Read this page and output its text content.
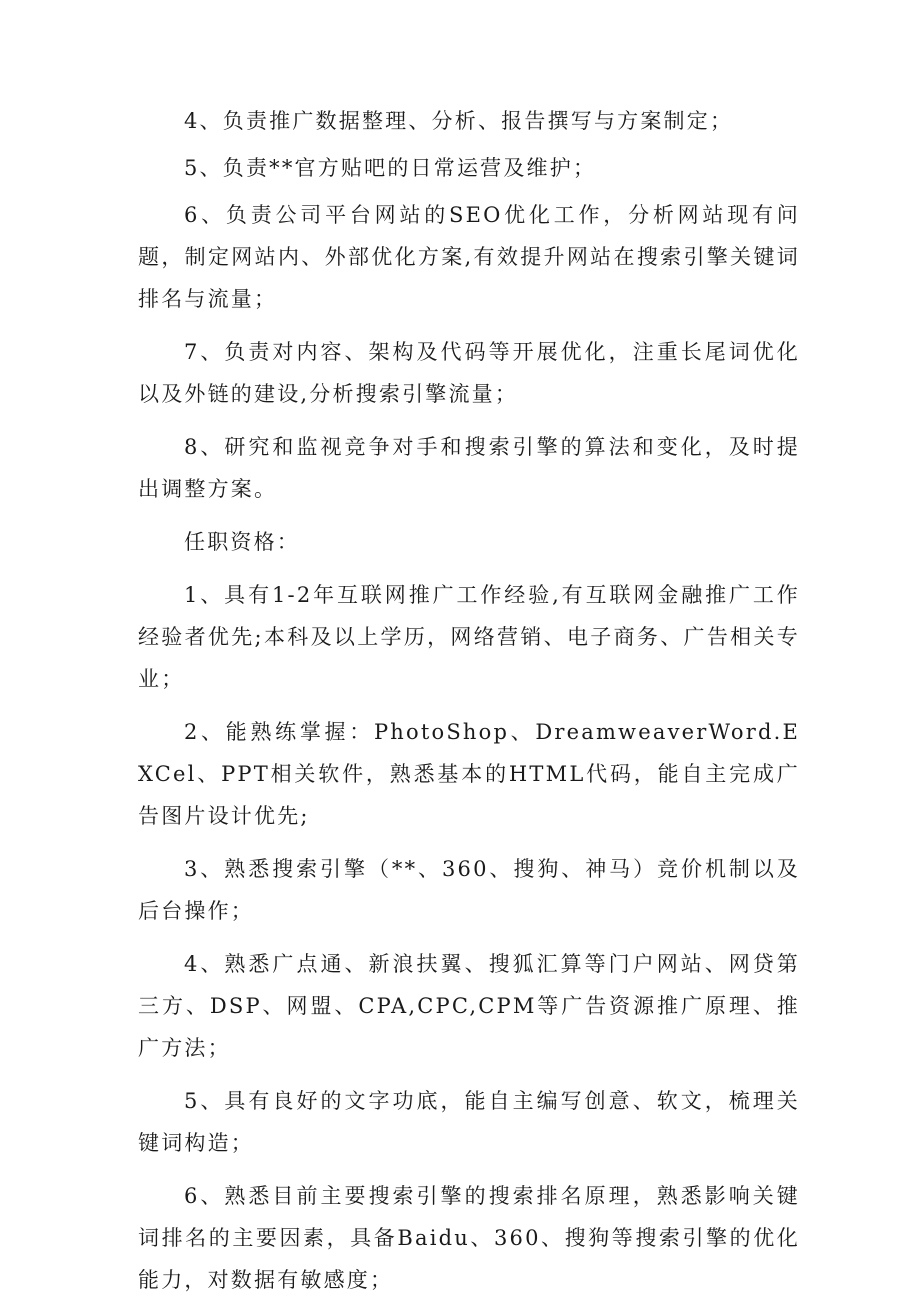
4、负责推广数据整理、分析、报告撰写与方案制定；

5、负责**官方贴吧的日常运营及维护；

6、负责公司平台网站的SEO优化工作，分析网站现有问题，制定网站内、外部优化方案,有效提升网站在搜索引擎关键词排名与流量；

7、负责对内容、架构及代码等开展优化，注重长尾词优化以及外链的建设,分析搜索引擎流量；

8、研究和监视竞争对手和搜索引擎的算法和变化，及时提出调整方案。

任职资格：

1、具有1-2年互联网推广工作经验,有互联网金融推广工作经验者优先;本科及以上学历，网络营销、电子商务、广告相关专业；

2、能熟练掌握：PhotoShop、DreamweaverWord.EXCel、PPT相关软件，熟悉基本的HTML代码，能自主完成广告图片设计优先;

3、熟悉搜索引擎（**、360、搜狗、神马）竞价机制以及后台操作；

4、熟悉广点通、新浪扶翼、搜狐汇算等门户网站、网贷第三方、DSP、网盟、CPA,CPC,CPM等广告资源推广原理、推广方法；

5、具有良好的文字功底，能自主编写创意、软文，梳理关键词构造；

6、熟悉目前主要搜索引擎的搜索排名原理，熟悉影响关键词排名的主要因素，具备Baidu、360、搜狗等搜索引擎的优化能力，对数据有敏感度；
